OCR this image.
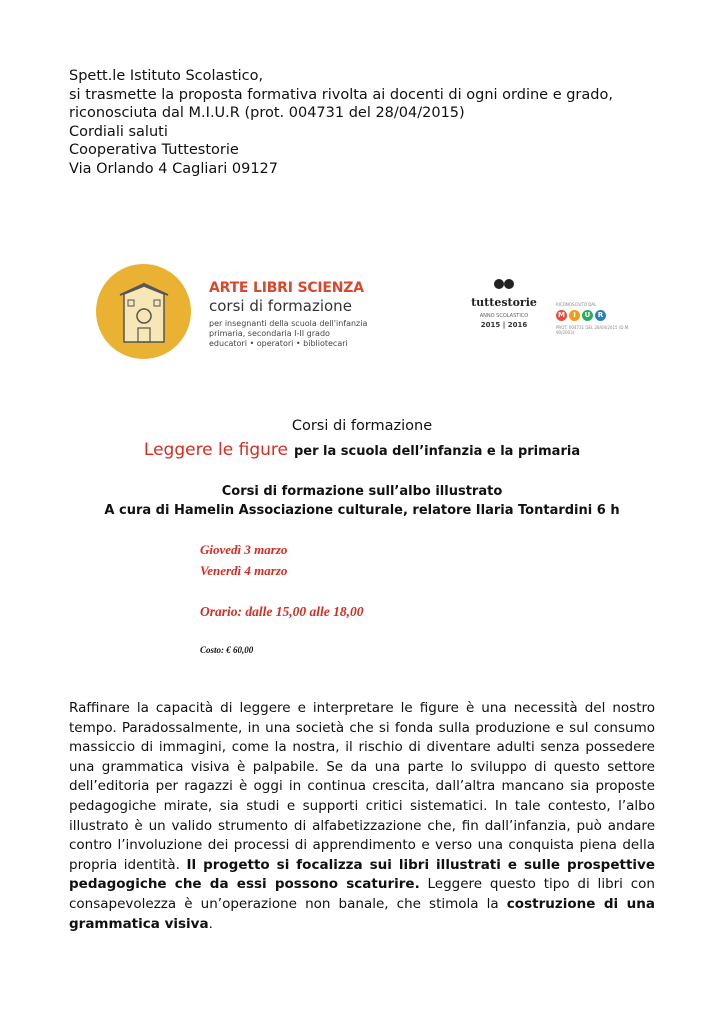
Spett.le Istituto Scolastico,
si trasmette la proposta formativa rivolta ai docenti di ogni ordine e grado,
riconosciuta dal M.I.U.R (prot. 004731 del 28/04/2015)
Cordiali saluti
Cooperativa Tuttestorie
Via Orlando 4 Cagliari 09127
ARTE LIBRI SCIENZA
corsi di formazione
per insegnanti della scuola dell'infanzia
primaria, secondaria I-II grado
educatori • operatori • bibliotecari
tuttestorie
ANNO SCOLASTICO
2015 | 2016
RICONOSCIUTO DAL
M	I	U	R
PROT. 004731 DEL 28/04/2015 (D.M. 90/2003)
Corsi di formazione
Leggere le figure per la scuola dell’infanzia e la primaria
Corsi di formazione sull’albo illustrato
A cura di Hamelin Associazione culturale, relatore Ilaria Tontardini 6 h
Giovedì 3 marzo
Venerdì 4 marzo
Orario: dalle 15,00 alle 18,00
Costo: € 60,00
Raffinare la capacità di leggere e interpretare le figure è una necessità del nostro tempo. Paradossalmente, in una società che si fonda sulla produzione e sul consumo massiccio di immagini, come la nostra, il rischio di diventare adulti senza possedere una grammatica visiva è palpabile. Se da una parte lo sviluppo di questo settore dell’editoria per ragazzi è oggi in continua crescita, dall’altra mancano sia proposte pedagogiche mirate, sia studi e supporti critici sistematici. In tale contesto, l’albo illustrato è un valido strumento di alfabetizzazione che, fin dall’infanzia, può andare contro l’involuzione dei processi di apprendimento e verso una conquista piena della propria identità. Il progetto si focalizza sui libri illustrati e sulle prospettive pedagogiche che da essi possono scaturire. Leggere questo tipo di libri con consapevolezza è un’operazione non banale, che stimola la costruzione di una grammatica visiva.
